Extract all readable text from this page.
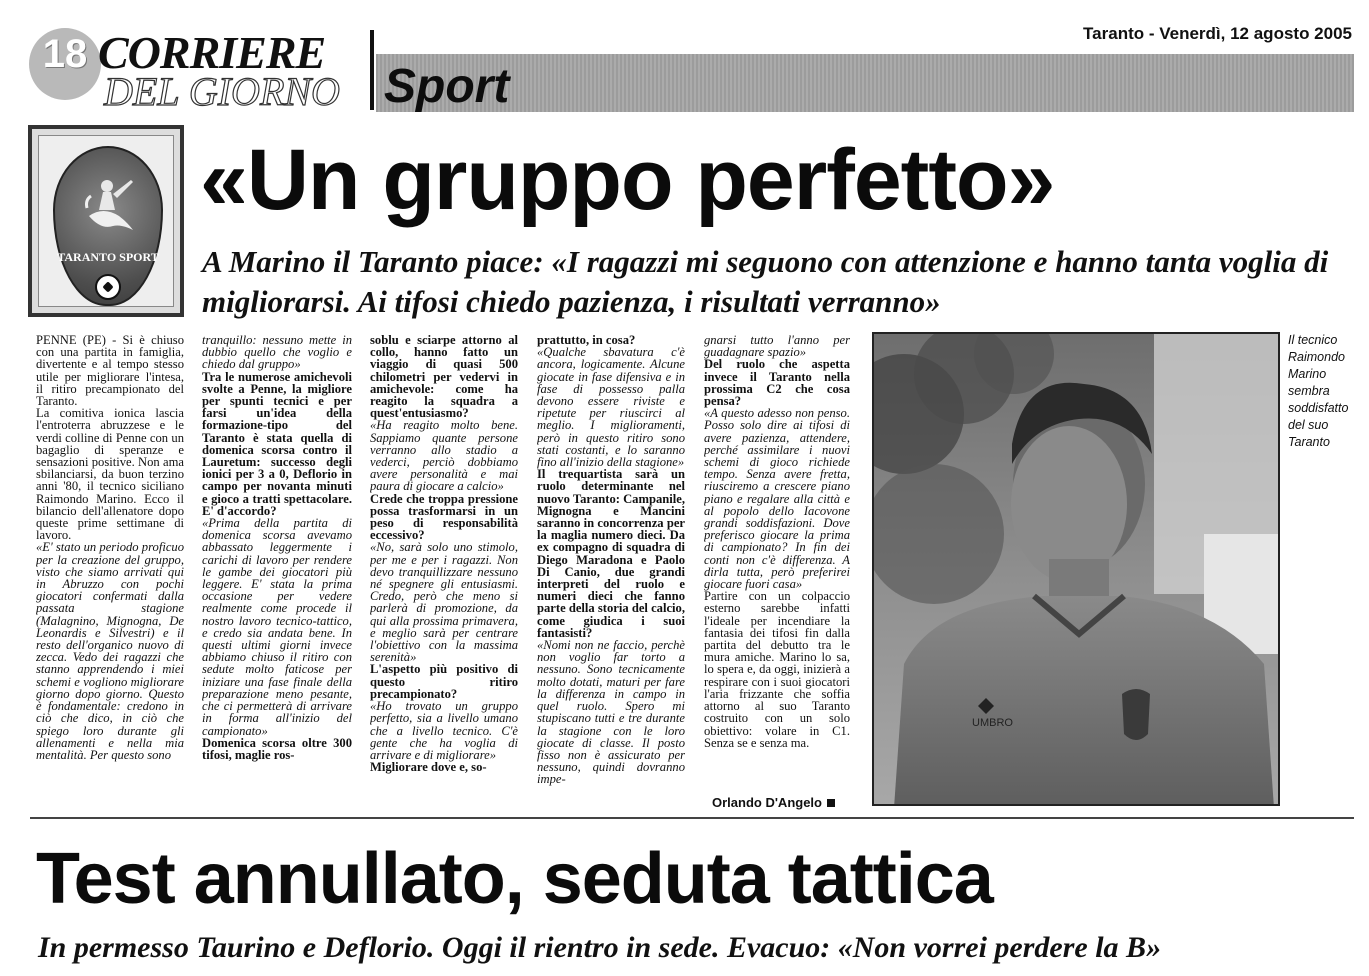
18 CORRIERE
DEL GIORNO Sport
Taranto - Venerdì, 12 agosto 2005
TARANTO SPORT
«Un gruppo perfetto»
A Marino il Taranto piace: «I ragazzi mi seguono con attenzione e hanno tanta voglia di migliorarsi. Ai tifosi chiedo pazienza, i risultati verranno»

PENNE (PE) - Si è chiuso con una partita in famiglia, divertente e al tempo stesso utile per migliorare l'intesa, il ritiro precampionato del Taranto.

La comitiva ionica lascia l'entroterra abruzzese e le verdi colline di Penne con un bagaglio di speranze e sensazioni positive. Non ama sbilanciarsi, da buon terzino anni '80, il tecnico siciliano Raimondo Marino. Ecco il bilancio dell'allenatore dopo queste prime settimane di lavoro.

«E' stato un periodo proficuo per la creazione del gruppo, visto che siamo arrivati qui in Abruzzo con pochi giocatori confermati dalla passata stagione (Malagnino, Mignogna, De Leonardis e Silvestri) e il resto dell'organico nuovo di zecca. Vedo dei ragazzi che stanno apprendendo i miei schemi e vogliono migliorare giorno dopo giorno. Questo è fondamentale: credono in ciò che dico, in ciò che spiego loro durante gli allenamenti e nella mia mentalità. Per questo sono

tranquillo: nessuno mette in dubbio quello che voglio e chiedo dal gruppo»

Tra le numerose amichevoli svolte a Penne, la migliore per spunti tecnici e per farsi un'idea della formazione-tipo del Taranto è stata quella di domenica scorsa contro il Lauretum: successo degli ionici per 3 a 0, Deflorio in campo per novanta minuti e gioco a tratti spettacolare. E' d'accordo?

«Prima della partita di domenica scorsa avevamo abbassato leggermente i carichi di lavoro per rendere le gambe dei giocatori più leggere. E' stata la prima occasione per vedere realmente come procede il nostro lavoro tecnico-tattico, e credo sia andata bene. In questi ultimi giorni invece abbiamo chiuso il ritiro con sedute molto faticose per iniziare una fase finale della preparazione meno pesante, che ci permetterà di arrivare in forma all'inizio del campionato»

Domenica scorsa oltre 300 tifosi, maglie ros-

soblu e sciarpe attorno al collo, hanno fatto un viaggio di quasi 500 chilometri per vedervi in amichevole: come ha reagito la squadra a quest'entusiasmo?

«Ha reagito molto bene. Sappiamo quante persone verranno allo stadio a vederci, perciò dobbiamo avere personalità e mai paura di giocare a calcio»

Crede che troppa pressione possa trasformarsi in un peso di responsabilità eccessivo?

«No, sarà solo uno stimolo, per me e per i ragazzi. Non devo tranquillizzare nessuno né spegnere gli entusiasmi. Credo, però che meno si parlerà di promozione, da qui alla prossima primavera, e meglio sarà per centrare l'obiettivo con la massima serenità»

L'aspetto più positivo di questo ritiro precampionato?

«Ho trovato un gruppo perfetto, sia a livello umano che a livello tecnico. C'è gente che ha voglia di arrivare e di migliorare»

Migliorare dove e, so-

prattutto, in cosa?

«Qualche sbavatura c'è ancora, logicamente. Alcune giocate in fase difensiva e in fase di possesso palla devono essere riviste e ripetute per riuscirci al meglio. I miglioramenti, però in questo ritiro sono stati costanti, e lo saranno fino all'inizio della stagione»

Il trequartista sarà un ruolo determinante nel nuovo Taranto: Campanile, Mignogna e Mancini saranno in concorrenza per la maglia numero dieci. Da ex compagno di squadra di Diego Maradona e Paolo Di Canio, due grandi interpreti del ruolo e numeri dieci che fanno parte della storia del calcio, come giudica i suoi fantasisti?

«Nomi non ne faccio, perchè non voglio far torto a nessuno. Sono tecnicamente molto dotati, maturi per fare la differenza in campo in quel ruolo. Spero mi stupiscano tutti e tre durante la stagione con le loro giocate di classe. Il posto fisso non è assicurato per nessuno, quindi dovranno impe-

gnarsi tutto l'anno per guadagnare spazio»

Del ruolo che aspetta invece il Taranto nella prossima C2 che cosa pensa?

«A questo adesso non penso. Posso solo dire ai tifosi di avere pazienza, attendere, perché assimilare i nuovi schemi di gioco richiede tempo. Senza avere fretta, riusciremo a crescere piano piano e regalare alla città e al popolo dello Iacovone grandi soddisfazioni. Dove preferisco giocare la prima di campionato? In fin dei conti non c'è differenza. A dirla tutta, però preferirei giocare fuori casa»

Partire con un colpaccio esterno sarebbe infatti l'ideale per incendiare la fantasia dei tifosi fin dalla partita del debutto tra le mura amiche. Marino lo sa, lo spera e, da oggi, inizierà a respirare con i suoi giocatori l'aria frizzante che soffia attorno al suo Taranto costruito con un solo obiettivo: volare in C1. Senza se e senza ma.

Orlando D'Angelo
UMBRO
Il tecnico Raimondo Marino sembra soddisfatto del suo Taranto
Test annullato, seduta tattica
In permesso Taurino e Deflorio. Oggi il rientro in sede. Evacuo: «Non vorrei perdere la B»
